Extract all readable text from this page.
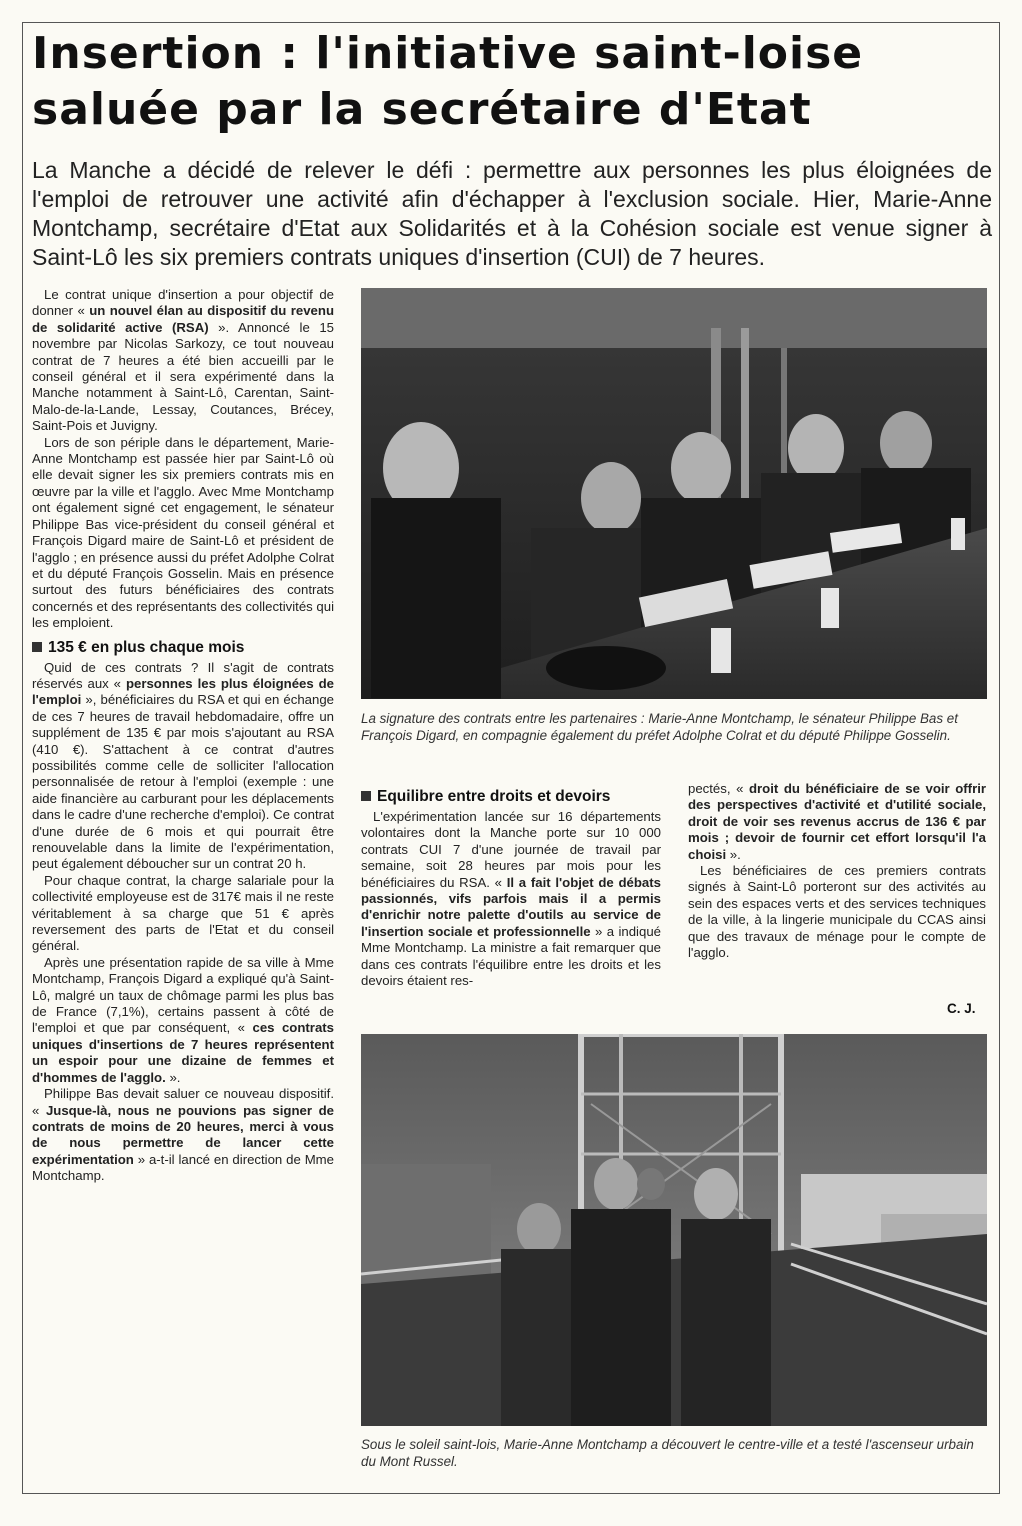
Insertion : l'initiative saint-loise
saluée par la secrétaire d'Etat

La Manche a décidé de relever le défi : permettre aux personnes les plus éloignées de l'emploi de retrouver une activité afin d'échapper à l'exclusion sociale. Hier, Marie-Anne Montchamp, secrétaire d'Etat aux Solidarités et à la Cohésion sociale est venue signer à Saint-Lô les six premiers contrats uniques d'insertion (CUI) de 7 heures.

Le contrat unique d'insertion a pour objectif de donner « un nouvel élan au dispositif du revenu de solidarité active (RSA) ». Annoncé le 15 novembre par Nicolas Sarkozy, ce tout nouveau contrat de 7 heures a été bien accueilli par le conseil général et il sera expérimenté dans la Manche notamment à Saint-Lô, Carentan, Saint-Malo-de-la-Lande, Lessay, Coutances, Brécey, Saint-Pois et Juvigny.

Lors de son périple dans le département, Marie-Anne Montchamp est passée hier par Saint-Lô où elle devait signer les six premiers contrats mis en œuvre par la ville et l'agglo. Avec Mme Montchamp ont également signé cet engagement, le sénateur Philippe Bas vice-président du conseil général et François Digard maire de Saint-Lô et président de l'agglo ; en présence aussi du préfet Adolphe Colrat et du député François Gosselin. Mais en présence surtout des futurs bénéficiaires des contrats concernés et des représentants des collectivités qui les emploient.

135 € en plus chaque mois

Quid de ces contrats ? Il s'agit de contrats réservés aux « personnes les plus éloignées de l'emploi », bénéficiaires du RSA et qui en échange de ces 7 heures de travail hebdomadaire, offre un supplément de 135 € par mois s'ajoutant au RSA (410 €). S'attachent à ce contrat d'autres possibilités comme celle de solliciter l'allocation personnalisée de retour à l'emploi (exemple : une aide financière au carburant pour les déplacements dans le cadre d'une recherche d'emploi). Ce contrat d'une durée de 6 mois et qui pourrait être renouvelable dans la limite de l'expérimentation, peut également déboucher sur un contrat 20 h.

Pour chaque contrat, la charge salariale pour la collectivité employeuse est de 317€ mais il ne reste véritablement à sa charge que 51 € après reversement des parts de l'Etat et du conseil général.

Après une présentation rapide de sa ville à Mme Montchamp, François Digard a expliqué qu'à Saint-Lô, malgré un taux de chômage parmi les plus bas de France (7,1%), certains passent à côté de l'emploi et que par conséquent, « ces contrats uniques d'insertions de 7 heures représentent un espoir pour une dizaine de femmes et d'hommes de l'agglo. ».

Philippe Bas devait saluer ce nouveau dispositif. « Jusque-là, nous ne pouvions pas signer de contrats de moins de 20 heures, merci à vous de nous permettre de lancer cette expérimentation » a-t-il lancé en direction de Mme Montchamp.

La signature des contrats entre les partenaires : Marie-Anne Montchamp, le sénateur Philippe Bas et François Digard, en compagnie également du préfet Adolphe Colrat et du député Philippe Gosselin.

Equilibre entre droits et devoirs

L'expérimentation lancée sur 16 départements volontaires dont la Manche porte sur 10 000 contrats CUI 7 d'une journée de travail par semaine, soit 28 heures par mois pour les bénéficiaires du RSA. « Il a fait l'objet de débats passionnés, vifs parfois mais il a permis d'enrichir notre palette d'outils au service de l'insertion sociale et professionnelle » a indiqué Mme Montchamp. La ministre a fait remarquer que dans ces contrats l'équilibre entre les droits et les devoirs étaient res-

pectés, « droit du bénéficiaire de se voir offrir des perspectives d'activité et d'utilité sociale, droit de voir ses revenus accrus de 136 € par mois ; devoir de fournir cet effort lorsqu'il l'a choisi ».

Les bénéficiaires de ces premiers contrats signés à Saint-Lô porteront sur des activités au sein des espaces verts et des services techniques de la ville, à la lingerie municipale du CCAS ainsi que des travaux de ménage pour le compte de l'agglo.

C. J.

Sous le soleil saint-lois, Marie-Anne Montchamp a découvert le centre-ville et a testé l'ascenseur urbain du Mont Russel.
